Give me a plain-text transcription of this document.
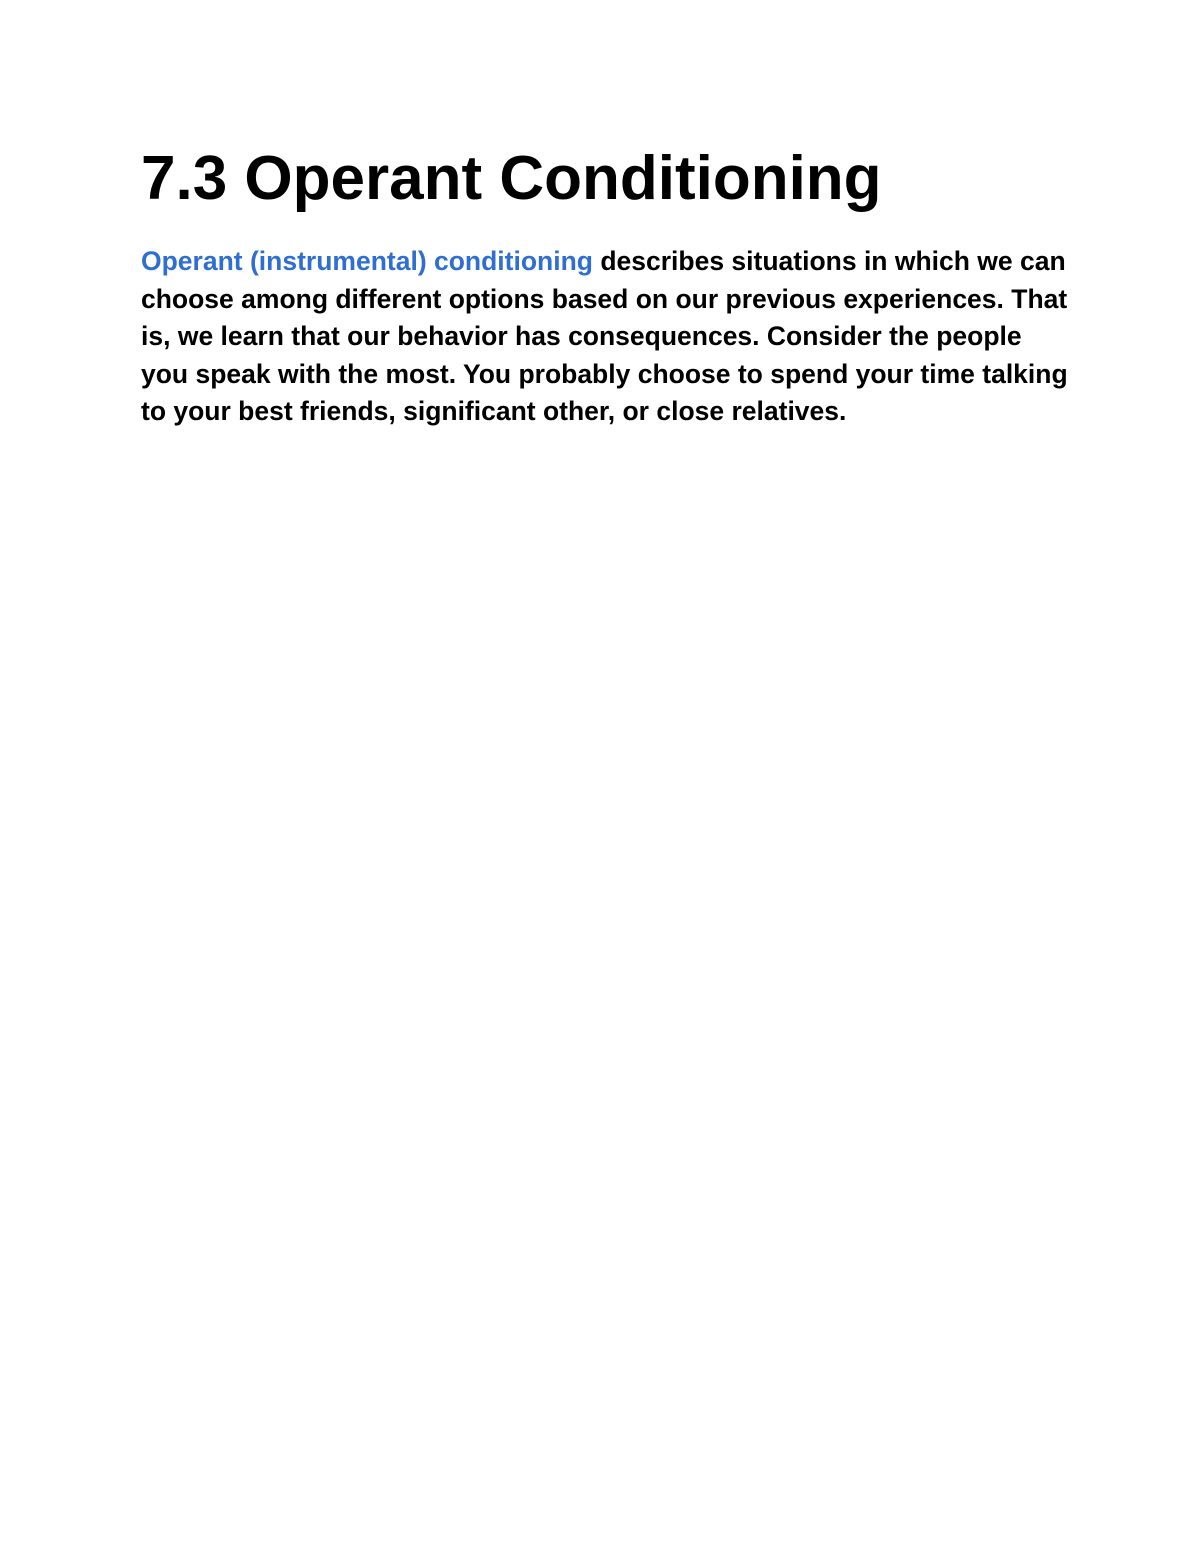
7.3 Operant Conditioning

Operant (instrumental) conditioning describes situations in which we can choose among different options based on our previous experiences. That is, we learn that our behavior has consequences. Consider the people you speak with the most. You probably choose to spend your time talking to your best friends, significant other, or close relatives.
